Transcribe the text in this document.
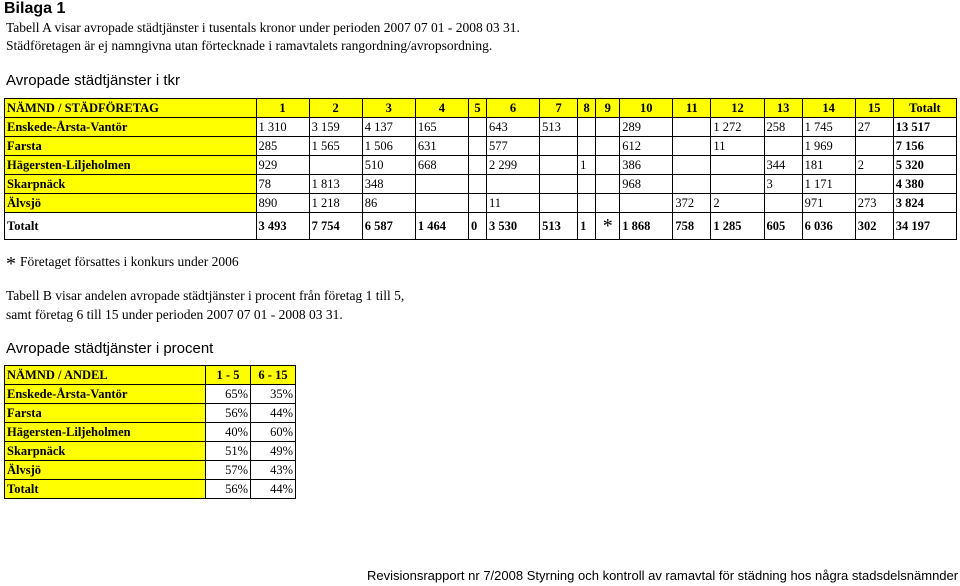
Bilaga 1
Tabell A visar avropade städtjänster i tusentals kronor under perioden 2007 07 01 - 2008 03 31.
Städföretagen är ej namngivna utan förtecknade i ramavtalets rangordning/avropsordning.
Avropade städtjänster i tkr
NÄMND / STÄDFÖRETAG	1	2	3	4	5	6	7	8	9	10	11	12	13	14	15	Totalt
Enskede-Årsta-Vantör	1 310	3 159	4 137	165		643	513			289		1 272	258	1 745	27	13 517
Farsta	285	1 565	1 506	631		577				612		11		1 969		7 156
Hägersten-Liljeholmen	929		510	668		2 299		1		386			344	181	2	5 320
Skarpnäck	78	1 813	348							968			3	1 171		4 380
Älvsjö	890	1 218	86			11					372	2		971	273	3 824
Totalt	3 493	7 754	6 587	1 464	0	3 530	513	1	*	1 868	758	1 285	605	6 036	302	34 197
* Företaget försattes i konkurs under 2006
Tabell B visar andelen avropade städtjänster i procent från företag 1 till 5,
samt företag 6 till 15 under perioden 2007 07 01 - 2008 03 31.
Avropade städtjänster i procent
NÄMND / ANDEL	1 - 5	6 - 15
Enskede-Årsta-Vantör	65%	35%
Farsta	56%	44%
Hägersten-Liljeholmen	40%	60%
Skarpnäck	51%	49%
Älvsjö	57%	43%
Totalt	56%	44%
Revisionsrapport nr 7/2008 Styrning och kontroll av ramavtal för städning hos några stadsdelsnämnder
